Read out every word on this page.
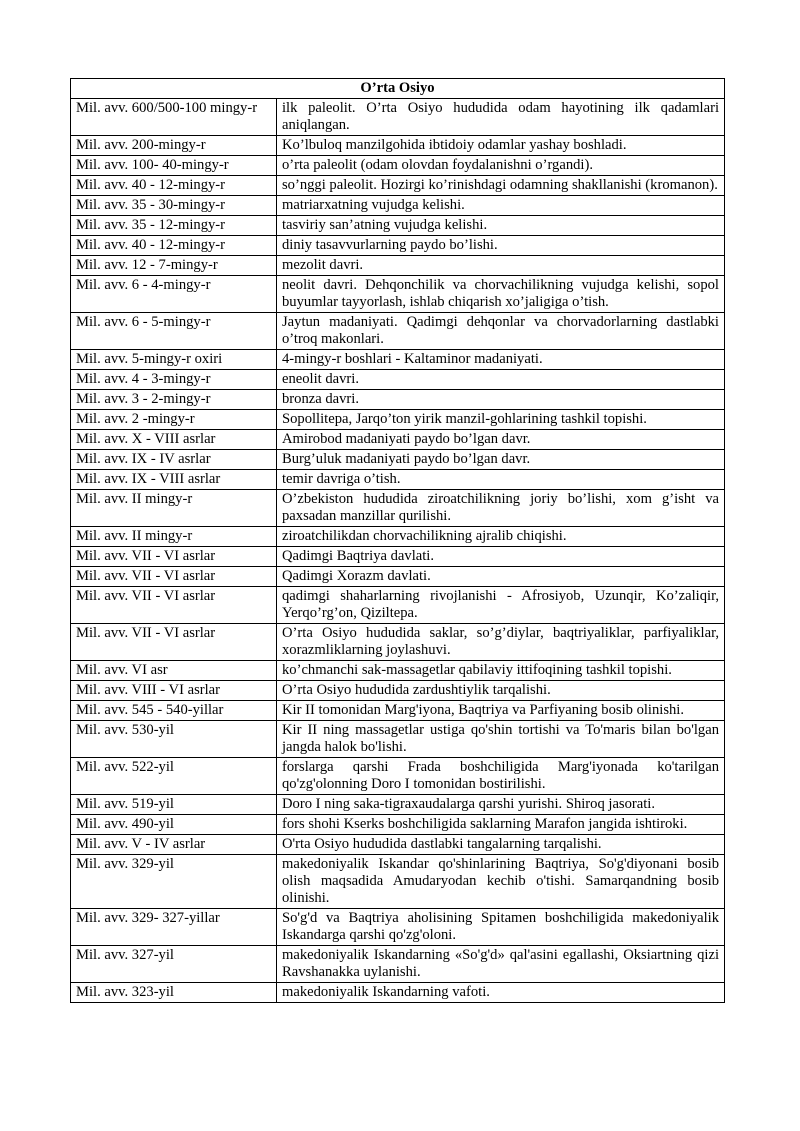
O’rta Osiyo	
Mil. avv. 600/500-100 mingy-r	ilk paleolit. O’rta Osiyo hududida odam hayotining ilk qadamlari aniqlangan.
Mil. avv. 200-mingy-r	Ko’lbuloq manzilgohida ibtidoiy odamlar yashay boshladi.
Mil. avv. 100- 40-mingy-r	o’rta paleolit (odam olovdan foydalanishni o’rgandi).
Mil. avv. 40 - 12-mingy-r	so’nggi paleolit. Hozirgi ko’rinishdagi odamning shakllanishi (kromanon).
Mil. avv. 35 - 30-mingy-r	matriarxatning vujudga kelishi.
Mil. avv. 35 - 12-mingy-r	tasviriy san’atning vujudga kelishi.
Mil. avv. 40 - 12-mingy-r	diniy tasavvurlarning paydo bo’lishi.
Mil. avv. 12 - 7-mingy-r	mezolit davri.
Mil. avv. 6 - 4-mingy-r	neolit davri. Dehqonchilik va chorvachilikning vujudga kelishi, sopol buyumlar tayyorlash, ishlab chiqarish xo’jaligiga o’tish.
Mil. avv. 6 - 5-mingy-r	Jaytun madaniyati. Qadimgi dehqonlar va chorvadorlarning dastlabki o’troq makonlari.
Mil. avv. 5-mingy-r oxiri	4-mingy-r boshlari - Kaltaminor madaniyati.
Mil. avv. 4 - 3-mingy-r	eneolit davri.
Mil. avv. 3 - 2-mingy-r	bronza davri.
Mil. avv. 2 -mingy-r	Sopollitepa, Jarqo’ton yirik manzil-gohlarining tashkil topishi.
Mil. avv. X - VIII asrlar	Amirobod madaniyati paydo bo’lgan davr.
Mil. avv. IX - IV asrlar	Burg’uluk madaniyati paydo bo’lgan davr.
Mil. avv. IX - VIII asrlar	temir davriga o’tish.
Mil. avv. II mingy-r	O’zbekiston hududida ziroatchilikning joriy bo’lishi, xom g’isht va paxsadan manzillar qurilishi.
Mil. avv. II mingy-r	ziroatchilikdan chorvachilikning ajralib chiqishi.
Mil. avv. VII - VI asrlar	Qadimgi Baqtriya davlati.
Mil. avv. VII - VI asrlar	Qadimgi Xorazm davlati.
Mil. avv. VII - VI asrlar	qadimgi shaharlarning rivojlanishi - Afrosiyob, Uzunqir, Ko’zaliqir, Yerqo’rg’on, Qiziltepa.
Mil. avv. VII - VI asrlar	O’rta Osiyo hududida saklar, so’g’diylar, baqtriyaliklar, parfiyaliklar, xorazmliklarning joylashuvi.
Mil. avv. VI asr	ko’chmanchi sak-massagetlar qabilaviy ittifoqining tashkil topishi.
Mil. avv. VIII - VI asrlar	O’rta Osiyo hududida zardushtiylik tarqalishi.
Mil. avv. 545 - 540-yillar	Kir II tomonidan Marg'iyona, Baqtriya va Parfiyaning bosib olinishi.
Mil. avv. 530-yil	Kir II ning massagetlar ustiga qo'shin tortishi va To'maris bilan bo'lgan jangda halok bo'lishi.
Mil. avv. 522-yil	forslarga qarshi Frada boshchiligida Marg'iyonada ko'tarilgan qo'zg'olonning Doro I tomonidan bostirilishi.
Mil. avv. 519-yil	Doro I ning saka-tigraxaudalarga qarshi yurishi. Shiroq jasorati.
Mil. avv. 490-yil	fors shohi Kserks boshchiligida saklarning Marafon jangida ishtiroki.
Mil. avv. V - IV asrlar	O'rta Osiyo hududida dastlabki tangalarning tarqalishi.
Mil. avv. 329-yil	makedoniyalik Iskandar qo'shinlarining Baqtriya, So'g'diyonani bosib olish maqsadida Amudaryodan kechib o'tishi. Samarqandning bosib olinishi.
Mil. avv. 329- 327-yillar	So'g'd va Baqtriya aholisining Spitamen boshchiligida makedoniyalik Iskandarga qarshi qo'zg'oloni.
Mil. avv. 327-yil	makedoniyalik Iskandarning «So'g'd» qal'asini egallashi, Oksiartning qizi Ravshanakka uylanishi.
Mil. avv. 323-yil	makedoniyalik Iskandarning vafoti.
